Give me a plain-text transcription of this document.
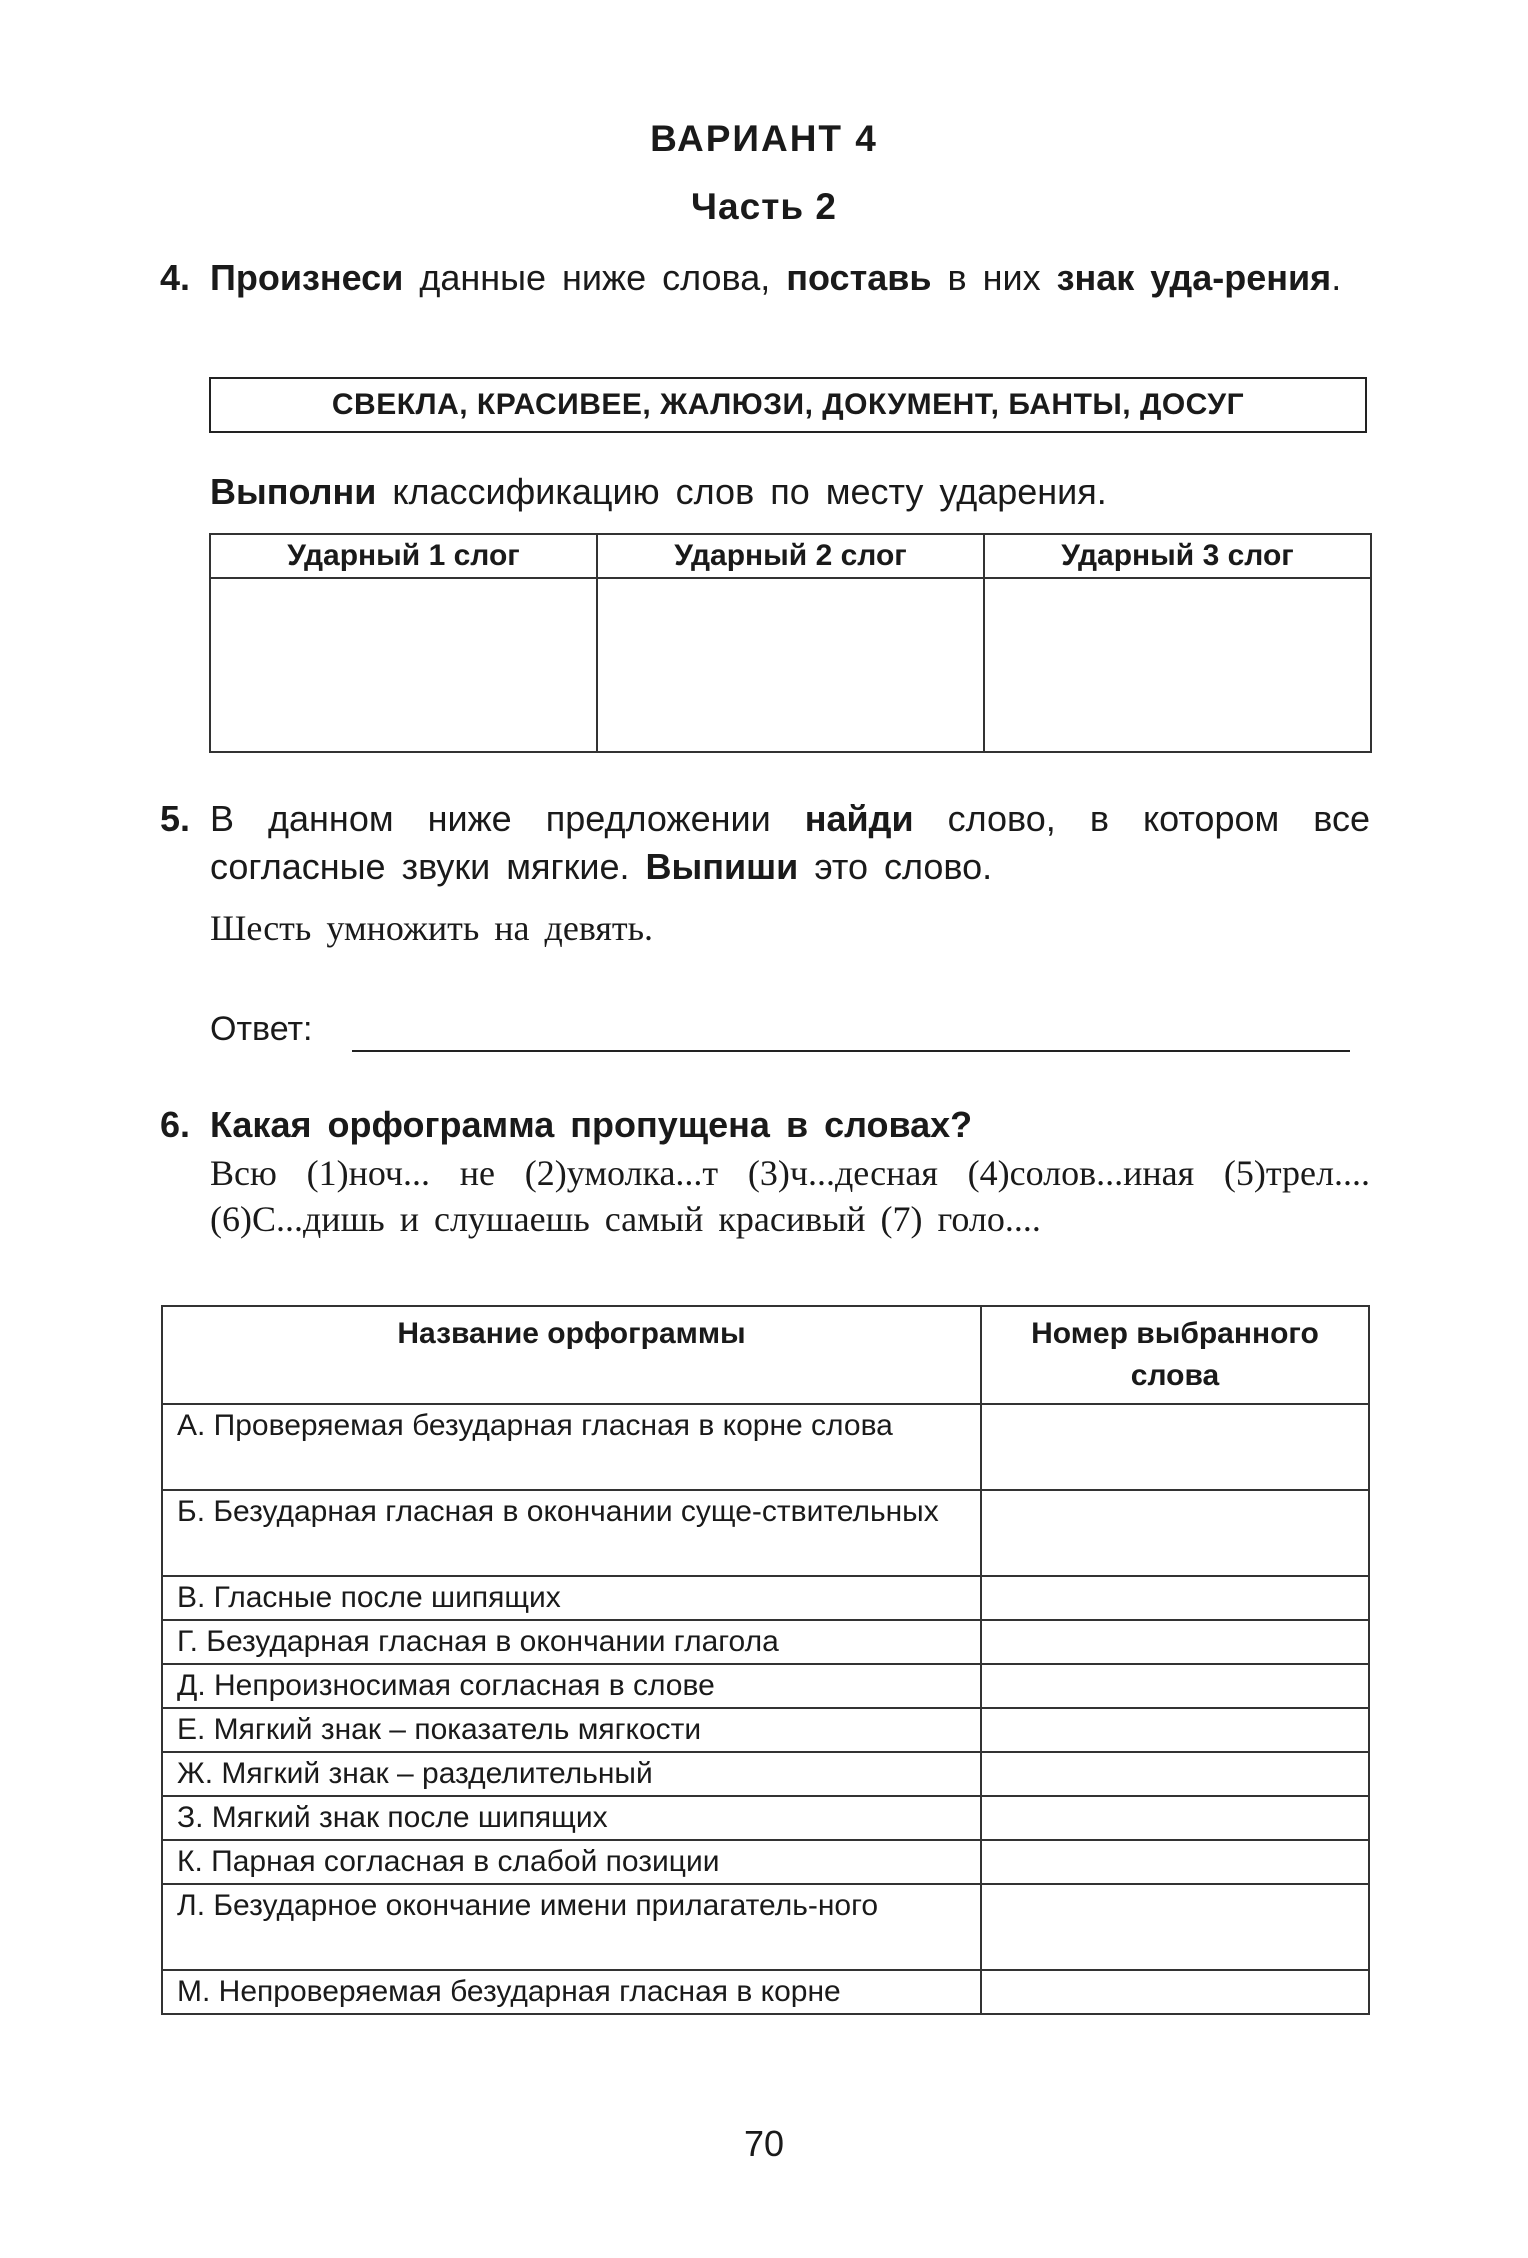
ВАРИАНТ 4
Часть 2
4. Произнеси данные ниже слова, поставь в них знак уда-рения.
СВЕКЛА, КРАСИВЕЕ, ЖАЛЮЗИ, ДОКУМЕНТ, БАНТЫ, ДОСУГ
Выполни классификацию слов по месту ударения.
Ударный 1 слог	Ударный 2 слог	Ударный 3 слог

5. В данном ниже предложении найди слово, в котором все согласные звуки мягкие. Выпиши это слово.
Шесть умножить на девять.
Ответ:
6. Какая орфограмма пропущена в словах?
Всю (1)ноч... не (2)умолка...т (3)ч...десная (4)солов...иная (5)трел.... (6)С...дишь и слушаешь самый красивый (7) голо....
Название орфограммы	Номер выбранного слова
А. Проверяемая безударная гласная в корне слова	
Б. Безударная гласная в окончании суще-ствительных	
В. Гласные после шипящих	
Г. Безударная гласная в окончании глагола	
Д. Непроизносимая согласная в слове	
Е. Мягкий знак – показатель мягкости	
Ж. Мягкий знак – разделительный	
З. Мягкий знак после шипящих	
К. Парная согласная в слабой позиции	
Л. Безударное окончание имени прилагатель-ного	
М. Непроверяемая безударная гласная в корне	
70
